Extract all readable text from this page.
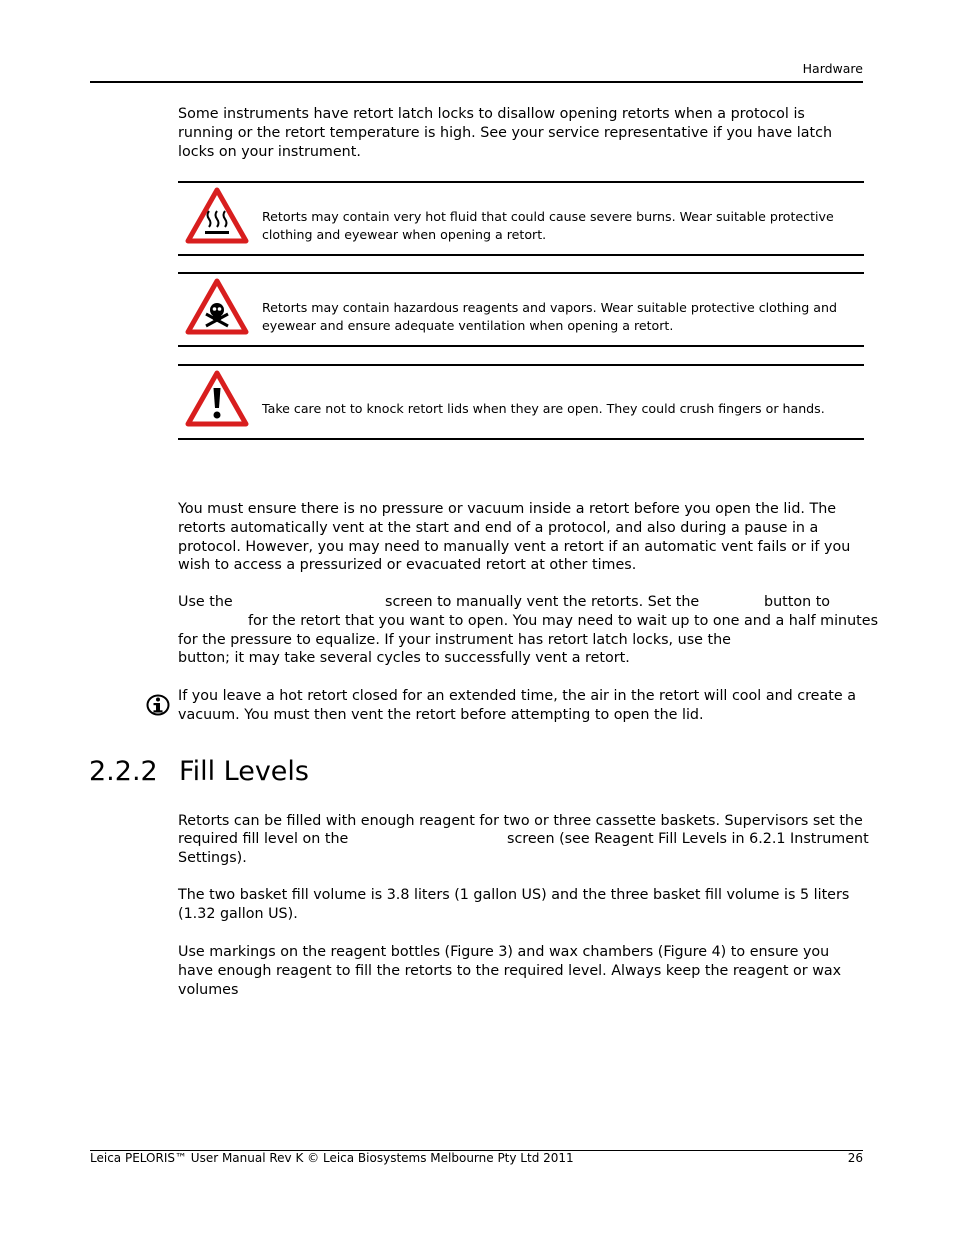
Hardware
Some instruments have retort latch locks to disallow opening retorts when a protocol is running or the retort temperature is high. See your service representative if you have latch locks on your instrument.
Retorts may contain very hot fluid that could cause severe burns. Wear suitable protective clothing and eyewear when opening a retort.
Retorts may contain hazardous reagents and vapors. Wear suitable protective clothing and eyewear and ensure adequate ventilation when opening a retort.
Take care not to knock retort lids when they are open. They could crush fingers or hands.
You must ensure there is no pressure or vacuum inside a retort before you open the lid. The retorts automatically vent at the start and end of a protocol, and also during a pause in a protocol. However, you may need to manually vent a retort if an automatic vent fails or if you wish to access a pressurized or evacuated retort at other times.
Use the	screen to manually vent the retorts. Set the	button to
for the retort that you want to open. You may need to wait up to one and a half minutes
for the pressure to equalize. If your instrument has retort latch locks, use the
button; it may take several cycles to successfully vent a retort.
If you leave a hot retort closed for an extended time, the air in the retort will cool and create a vacuum. You must then vent the retort before attempting to open the lid.
2.2.2 Fill Levels
Retorts can be filled with enough reagent for two or three cassette baskets. Supervisors set the
required fill level on the	screen (see Reagent Fill Levels in 6.2.1 Instrument
Settings).
The two basket fill volume is 3.8 liters (1 gallon US) and the three basket fill volume is 5 liters (1.32 gallon US).
Use markings on the reagent bottles (Figure 3) and wax chambers (Figure 4) to ensure you have enough reagent to fill the retorts to the required level. Always keep the reagent or wax volumes
Leica PELORIS™ User Manual Rev K © Leica Biosystems Melbourne Pty Ltd 2011	26
